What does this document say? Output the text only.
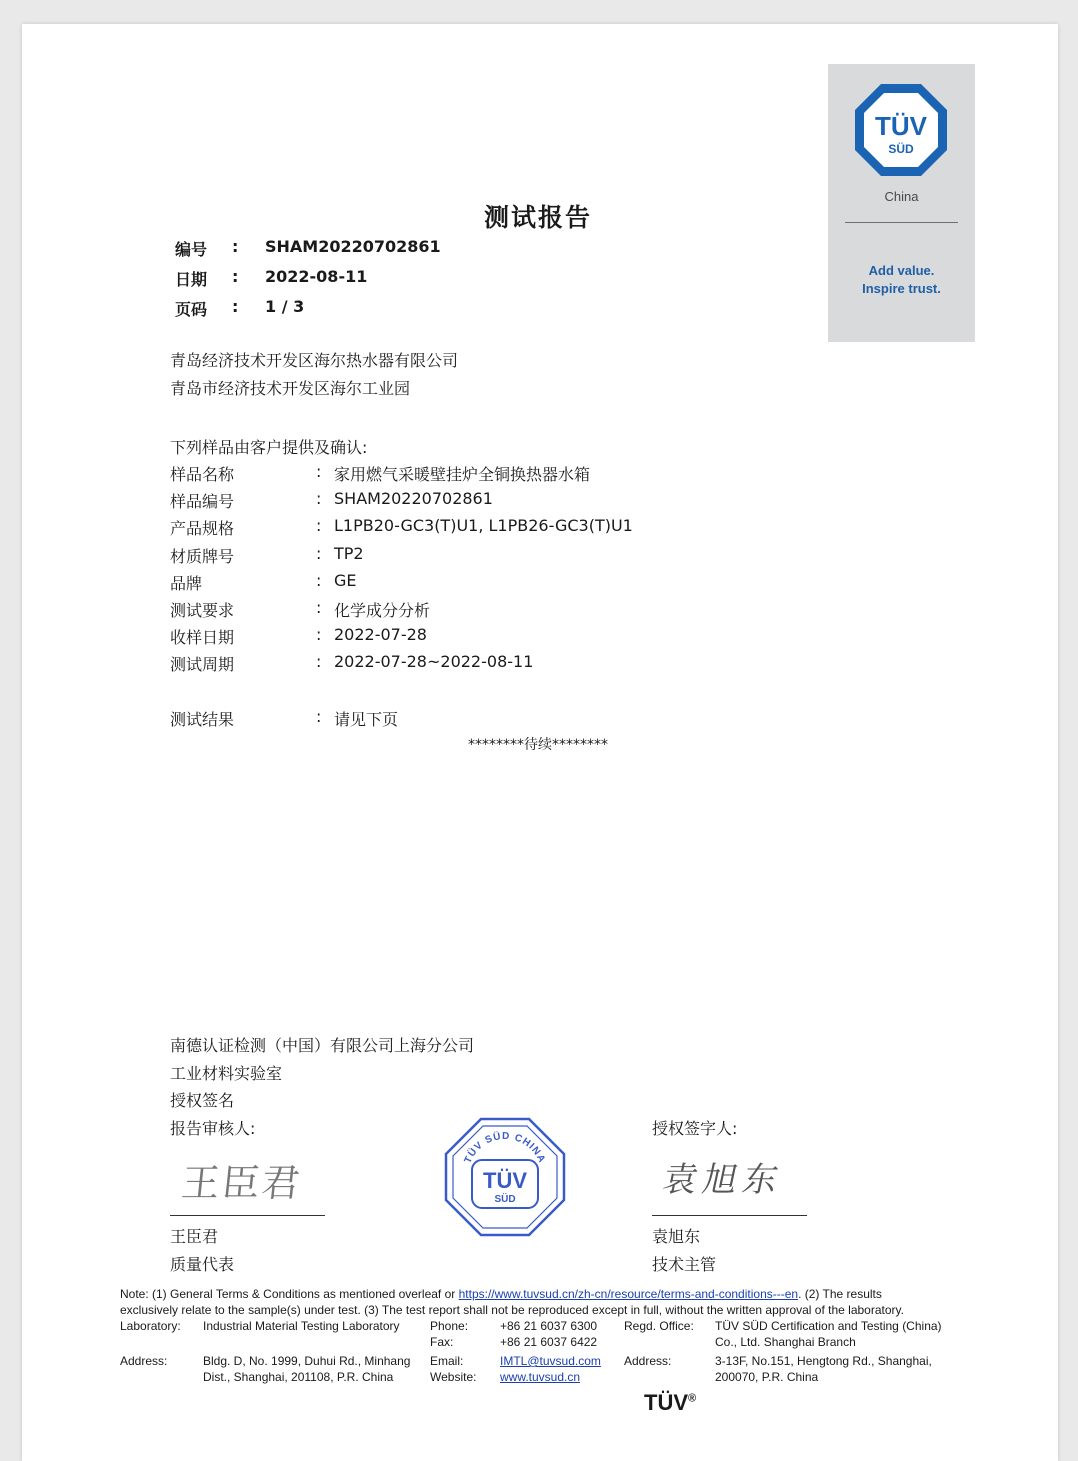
TÜV
SÜD
China
Add value.
Inspire trust.
测试报告
编号 : SHAM20220702861
日期 : 2022-08-11
页码 : 1 / 3
青岛经济技术开发区海尔热水器有限公司
青岛市经济技术开发区海尔工业园
下列样品由客户提供及确认:
样品名称	: 家用燃气采暖壁挂炉全铜换热器水箱
样品编号	: SHAM20220702861
产品规格	: L1PB20-GC3(T)U1, L1PB26-GC3(T)U1
材质牌号	: TP2
品牌	: GE
测试要求	: 化学成分分析
收样日期	: 2022-07-28
测试周期	: 2022-07-28~2022-08-11
测试结果	: 请见下页
********待续********
南德认证检测（中国）有限公司上海分公司
工业材料实验室
授权签名
报告审核人:	授权签字人:
王臣君	袁旭东
TÜV SÜD CHINA
TÜV
SÜD
王臣君
质量代表
袁旭东
技术主管
Note: (1) General Terms & Conditions as mentioned overleaf or https://www.tuvsud.cn/zh-cn/resource/terms-and-conditions---en. (2) The results
exclusively relate to the sample(s) under test. (3) The test report shall not be reproduced except in full, without the written approval of the laboratory.
Laboratory: Industrial Material Testing Laboratory	Phone:	+86 21 6037 6300 Regd. Office: TÜV SÜD Certification and Testing (China)
Fax:	+86 21 6037 6422	Co., Ltd. Shanghai Branch
Address:	Bldg. D, No. 1999, Duhui Rd., Minhang Email:	IMTL@tuvsud.com Address:	3-13F, No.151, Hengtong Rd., Shanghai,
Dist., Shanghai, 201108, P.R. China	Website: www.tuvsud.cn	200070, P.R. China
TÜV®
